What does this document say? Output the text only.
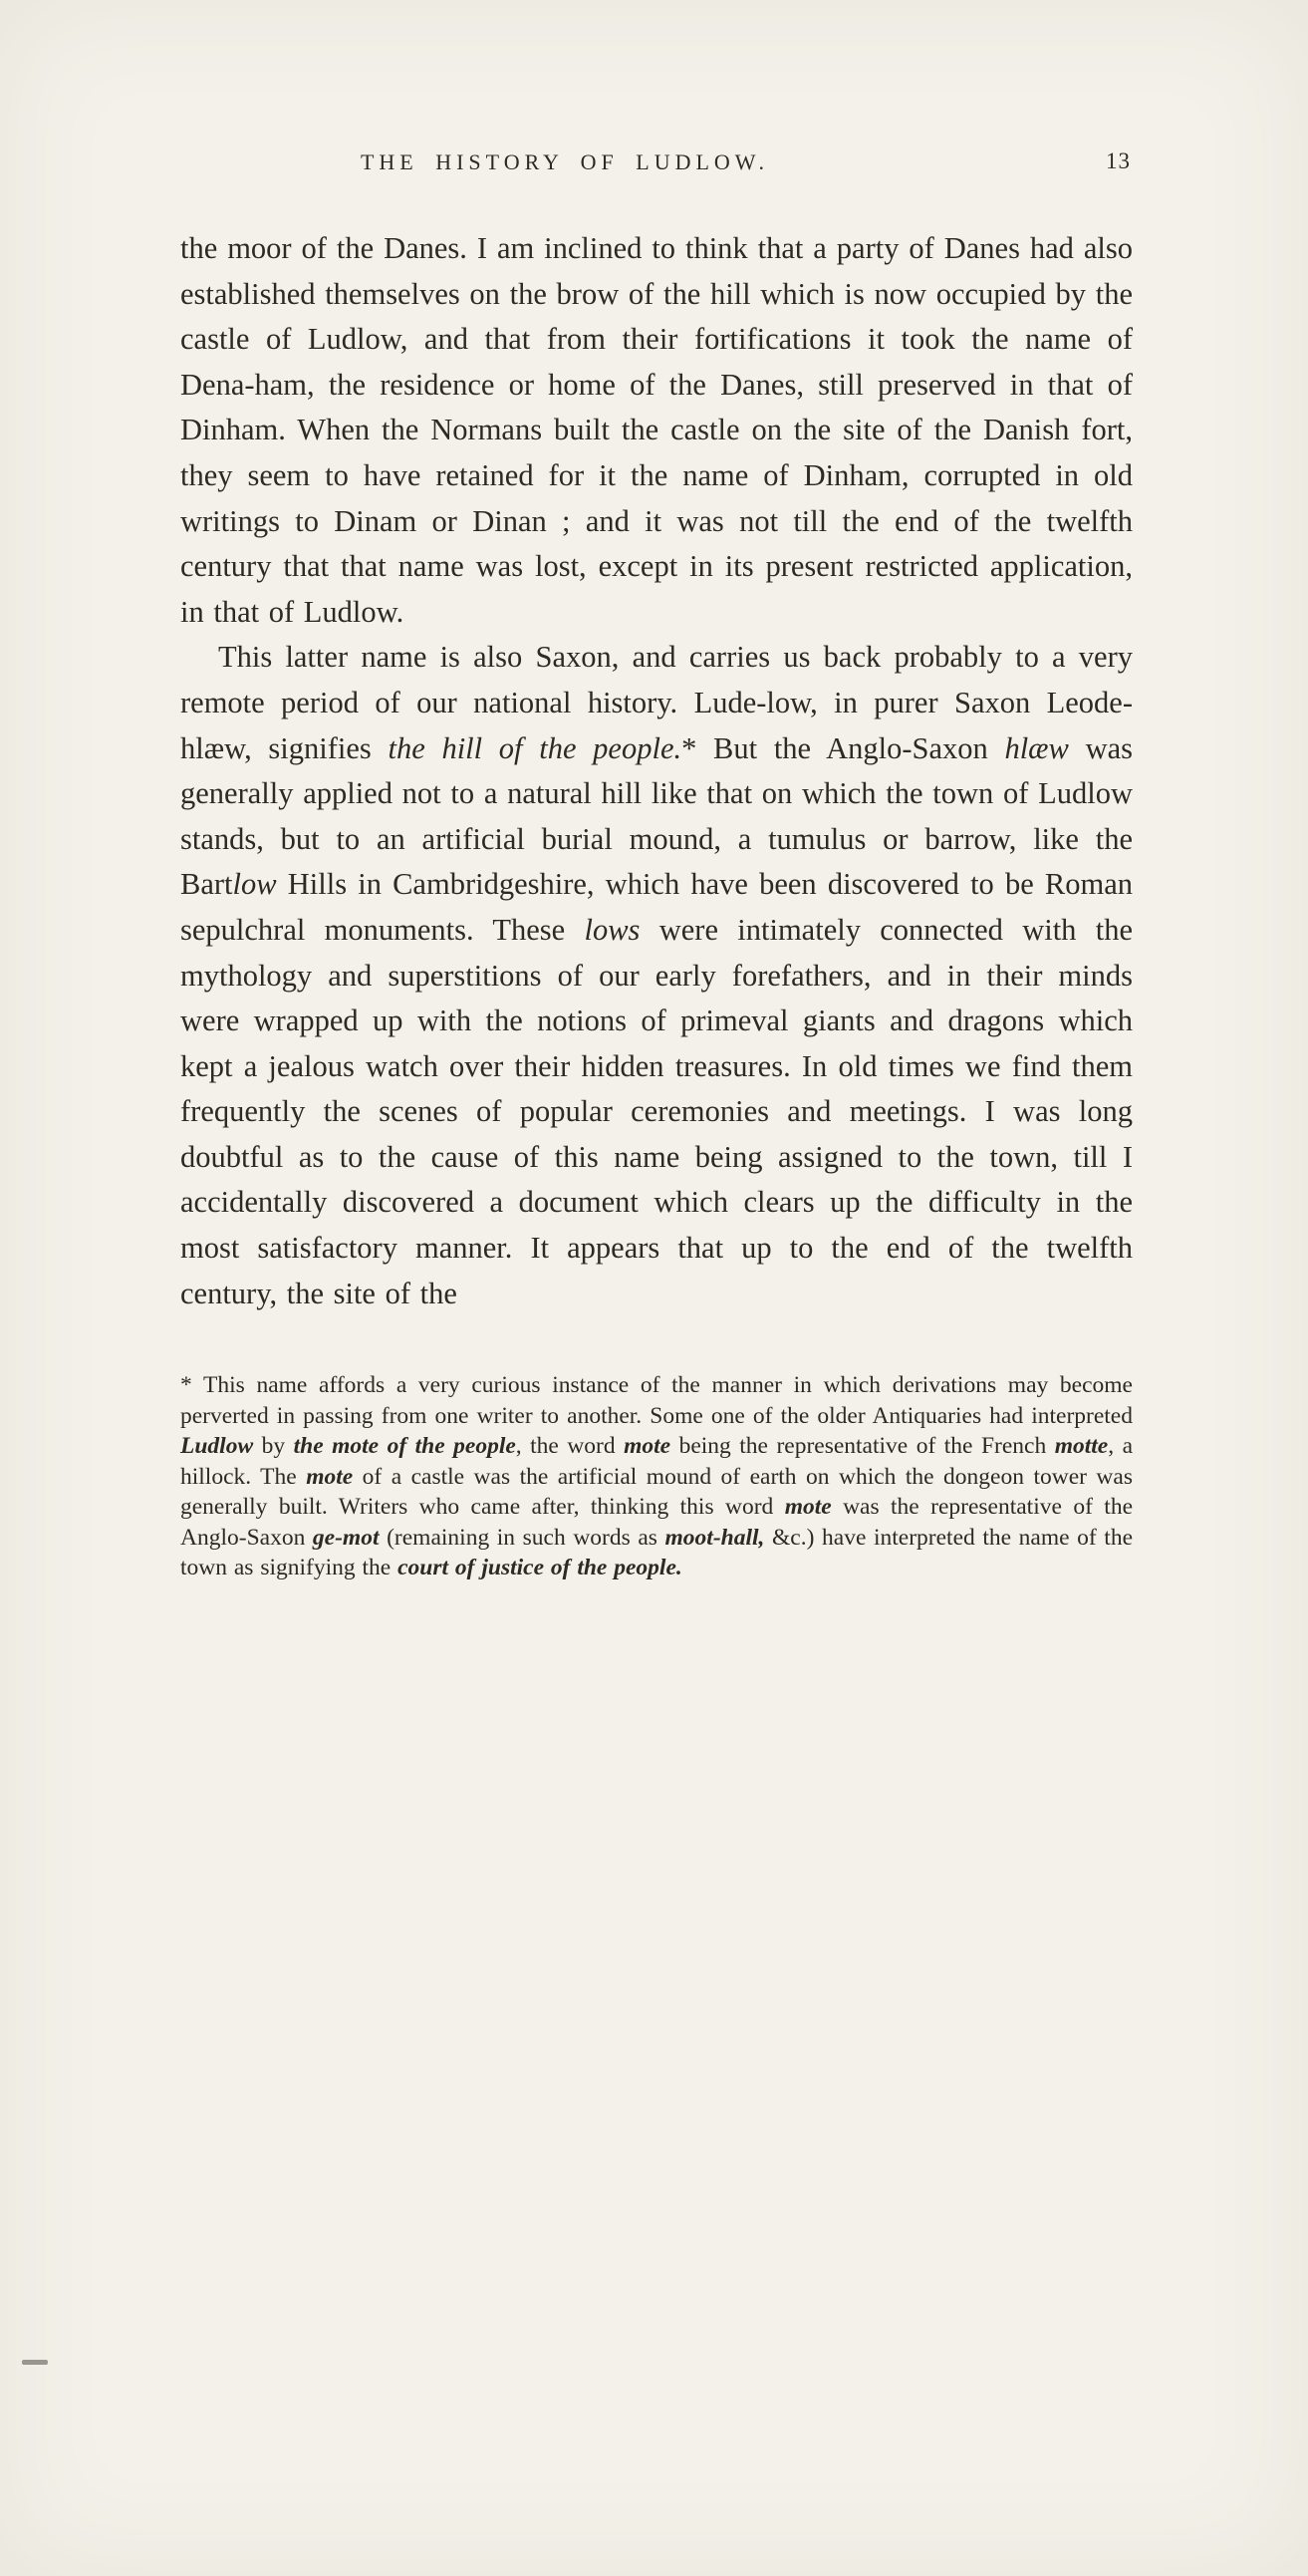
THE HISTORY OF LUDLOW.	13

the moor of the Danes. I am inclined to think that a party of Danes had also established themselves on the brow of the hill which is now occupied by the castle of Ludlow, and that from their fortifications it took the name of Dena-ham, the residence or home of the Danes, still preserved in that of Dinham. When the Normans built the castle on the site of the Danish fort, they seem to have retained for it the name of Dinham, corrupted in old writings to Dinam or Dinan ; and it was not till the end of the twelfth century that that name was lost, except in its present restricted application, in that of Ludlow.

This latter name is also Saxon, and carries us back probably to a very remote period of our national history. Lude-low, in purer Saxon Leode-hlæw, signifies the hill of the people.* But the Anglo-Saxon hlæw was generally applied not to a natural hill like that on which the town of Ludlow stands, but to an artificial burial mound, a tumulus or barrow, like the Bartlow Hills in Cambridgeshire, which have been discovered to be Roman sepulchral monuments. These lows were intimately connected with the mythology and superstitions of our early forefathers, and in their minds were wrapped up with the notions of primeval giants and dragons which kept a jealous watch over their hidden treasures. In old times we find them frequently the scenes of popular ceremonies and meetings. I was long doubtful as to the cause of this name being assigned to the town, till I accidentally discovered a document which clears up the difficulty in the most satisfactory manner. It appears that up to the end of the twelfth century, the site of the

* This name affords a very curious instance of the manner in which derivations may become perverted in passing from one writer to another. Some one of the older Antiquaries had interpreted Ludlow by the mote of the people, the word mote being the representative of the French motte, a hillock. The mote of a castle was the artificial mound of earth on which the dongeon tower was generally built. Writers who came after, thinking this word mote was the representative of the Anglo-Saxon ge-mot (remaining in such words as moot-hall, &c.) have interpreted the name of the town as signifying the court of justice of the people.
